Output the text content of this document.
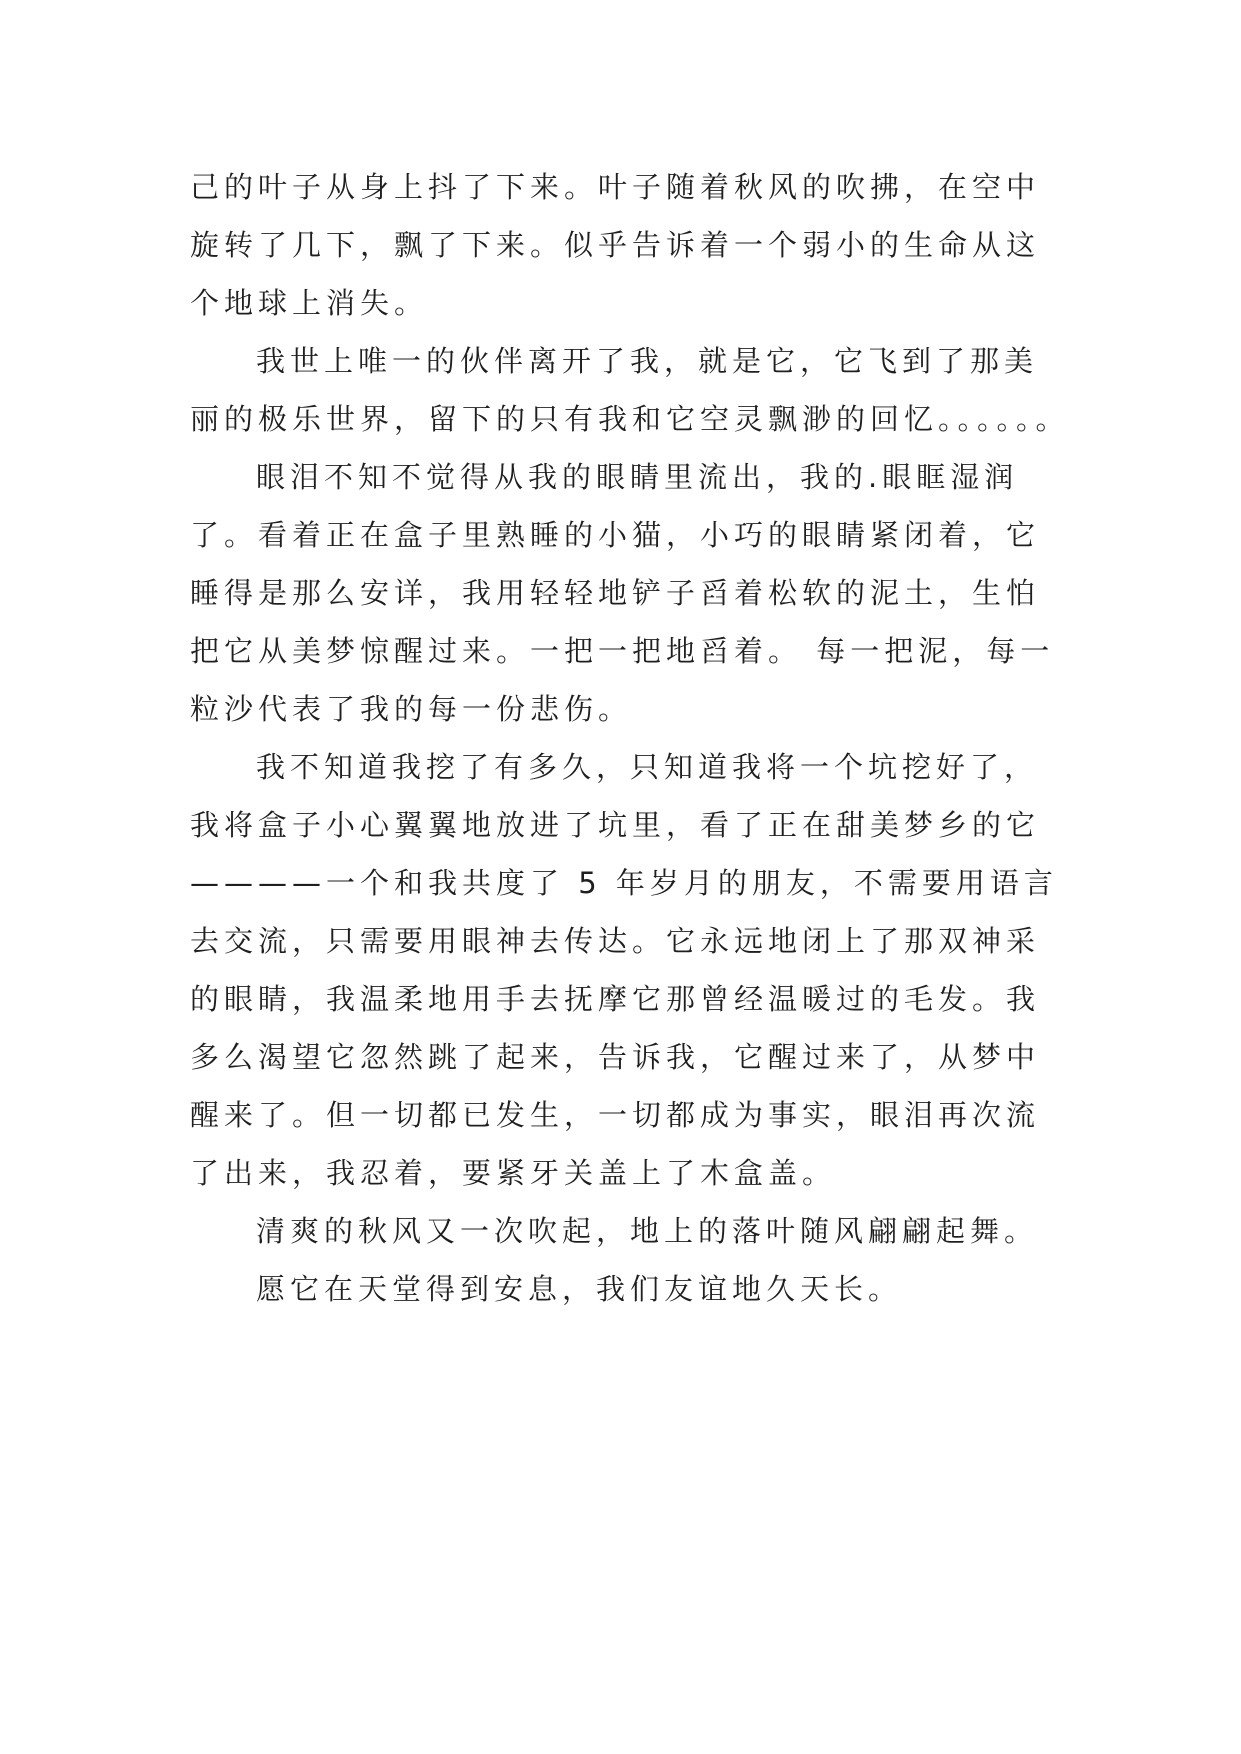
己的叶子从身上抖了下来。叶子随着秋风的吹拂，在空中旋转了几下，飘了下来。似乎告诉着一个弱小的生命从这个地球上消失。

我世上唯一的伙伴离开了我，就是它，它飞到了那美丽的极乐世界，留下的只有我和它空灵飘渺的回忆。。。。。。

眼泪不知不觉得从我的眼睛里流出，我的.眼眶湿润了。看着正在盒子里熟睡的小猫，小巧的眼睛紧闭着，它睡得是那么安详，我用轻轻地铲子舀着松软的泥土，生怕把它从美梦惊醒过来。一把一把地舀着。 每一把泥，每一粒沙代表了我的每一份悲伤。

我不知道我挖了有多久，只知道我将一个坑挖好了，我将盒子小心翼翼地放进了坑里，看了正在甜美梦乡的它————一个和我共度了 5 年岁月的朋友，不需要用语言去交流，只需要用眼神去传达。它永远地闭上了那双神采的眼睛，我温柔地用手去抚摩它那曾经温暖过的毛发。我多么渴望它忽然跳了起来，告诉我，它醒过来了，从梦中醒来了。但一切都已发生，一切都成为事实，眼泪再次流了出来，我忍着，要紧牙关盖上了木盒盖。

清爽的秋风又一次吹起，地上的落叶随风翩翩起舞。

愿它在天堂得到安息，我们友谊地久天长。
